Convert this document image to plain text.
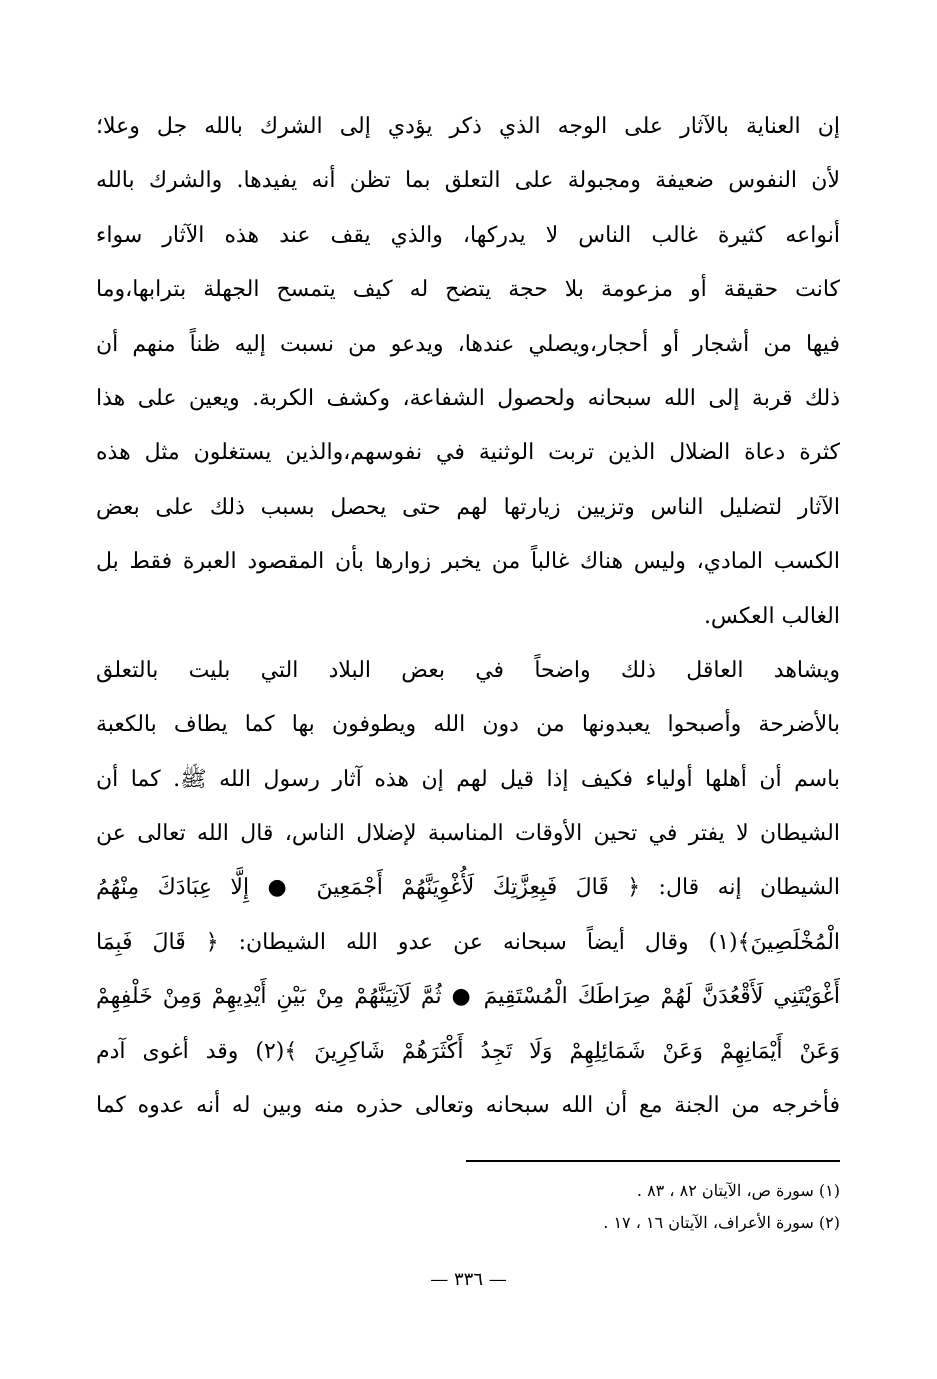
إن العناية بالآثار على الوجه الذي ذكر يؤدي إلى الشرك بالله جل وعلا؛
لأن النفوس ضعيفة ومجبولة على التعلق بما تظن أنه يفيدها. والشرك بالله
أنواعه كثيرة غالب الناس لا يدركها، والذي يقف عند هذه الآثار سواء
كانت حقيقة أو مزعومة بلا حجة يتضح له كيف يتمسح الجهلة بترابها،وما
فيها من أشجار أو أحجار،ويصلي عندها، ويدعو من نسبت إليه ظناً منهم أن
ذلك قربة إلى الله سبحانه ولحصول الشفاعة، وكشف الكربة. ويعين على هذا
كثرة دعاة الضلال الذين تربت الوثنية في نفوسهم،والذين يستغلون مثل هذه
الآثار لتضليل الناس وتزيين زيارتها لهم حتى يحصل بسبب ذلك على بعض
الكسب المادي، وليس هناك غالباً من يخبر زوارها بأن المقصود العبرة فقط بل
الغالب العكس.
ويشاهد العاقل ذلك واضحاً في بعض البلاد التي بليت بالتعلق
بالأضرحة وأصبحوا يعبدونها من دون الله ويطوفون بها كما يطاف بالكعبة
باسم أن أهلها أولياء فكيف إذا قيل لهم إن هذه آثار رسول الله ﷺ. كما أن
الشيطان لا يفتر في تحين الأوقات المناسبة لإضلال الناس، قال الله تعالى عن
الشيطان إنه قال: ﴿ قَالَ فَبِعِزَّتِكَ لَأُغْوِيَنَّهُمْ أَجْمَعِينَ ● إِلَّا عِبَادَكَ مِنْهُمُ
الْمُخْلَصِينَ﴾(١) وقال أيضاً سبحانه عن عدو الله الشيطان: ﴿ قَالَ فَبِمَا
أَغْوَيْتَنِي لَأَقْعُدَنَّ لَهُمْ صِرَاطَكَ الْمُسْتَقِيمَ ● ثُمَّ لَآتِيَنَّهُمْ مِنْ بَيْنِ أَيْدِيهِمْ وَمِنْ خَلْفِهِمْ
وَعَنْ أَيْمَانِهِمْ وَعَنْ شَمَائِلِهِمْ وَلَا تَجِدُ أَكْثَرَهُمْ شَاكِرِينَ ﴾(٢) وقد أغوى آدم
فأخرجه من الجنة مع أن الله سبحانه وتعالى حذره منه وبين له أنه عدوه كما
(١) سورة ص، الآيتان ٨٢ ، ٨٣ .
(٢) سورة الأعراف، الآيتان ١٦ ، ١٧ .
— ٣٣٦ —
